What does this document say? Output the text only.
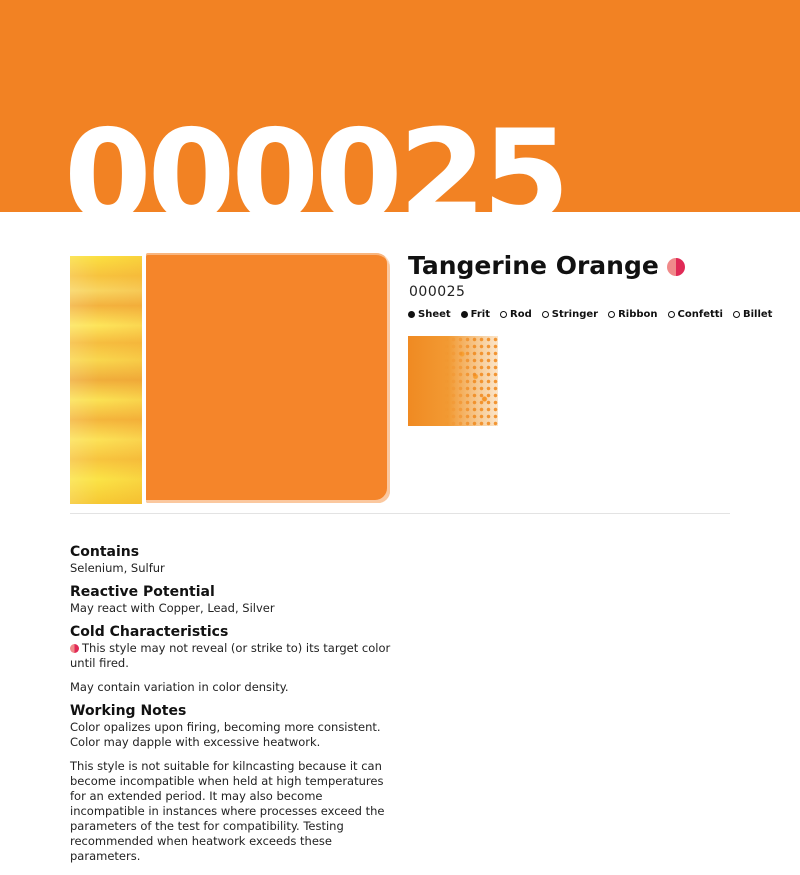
000025
Tangerine Orange
000025
Sheet Frit Rod Stringer Ribbon Confetti Billet
Contains

Selenium, Sulfur

Reactive Potential

May react with Copper, Lead, Silver

Cold Characteristics

This style may not reveal (or strike to) its target color until fired.

May contain variation in color density.

Working Notes

Color opalizes upon firing, becoming more consistent. Color may dapple with excessive heatwork.

This style is not suitable for kilncasting because it can become incompatible when held at high temperatures for an extended period. It may also become incompatible in instances where processes exceed the parameters of the test for compatibility. Testing recommended when heatwork exceeds these parameters.
